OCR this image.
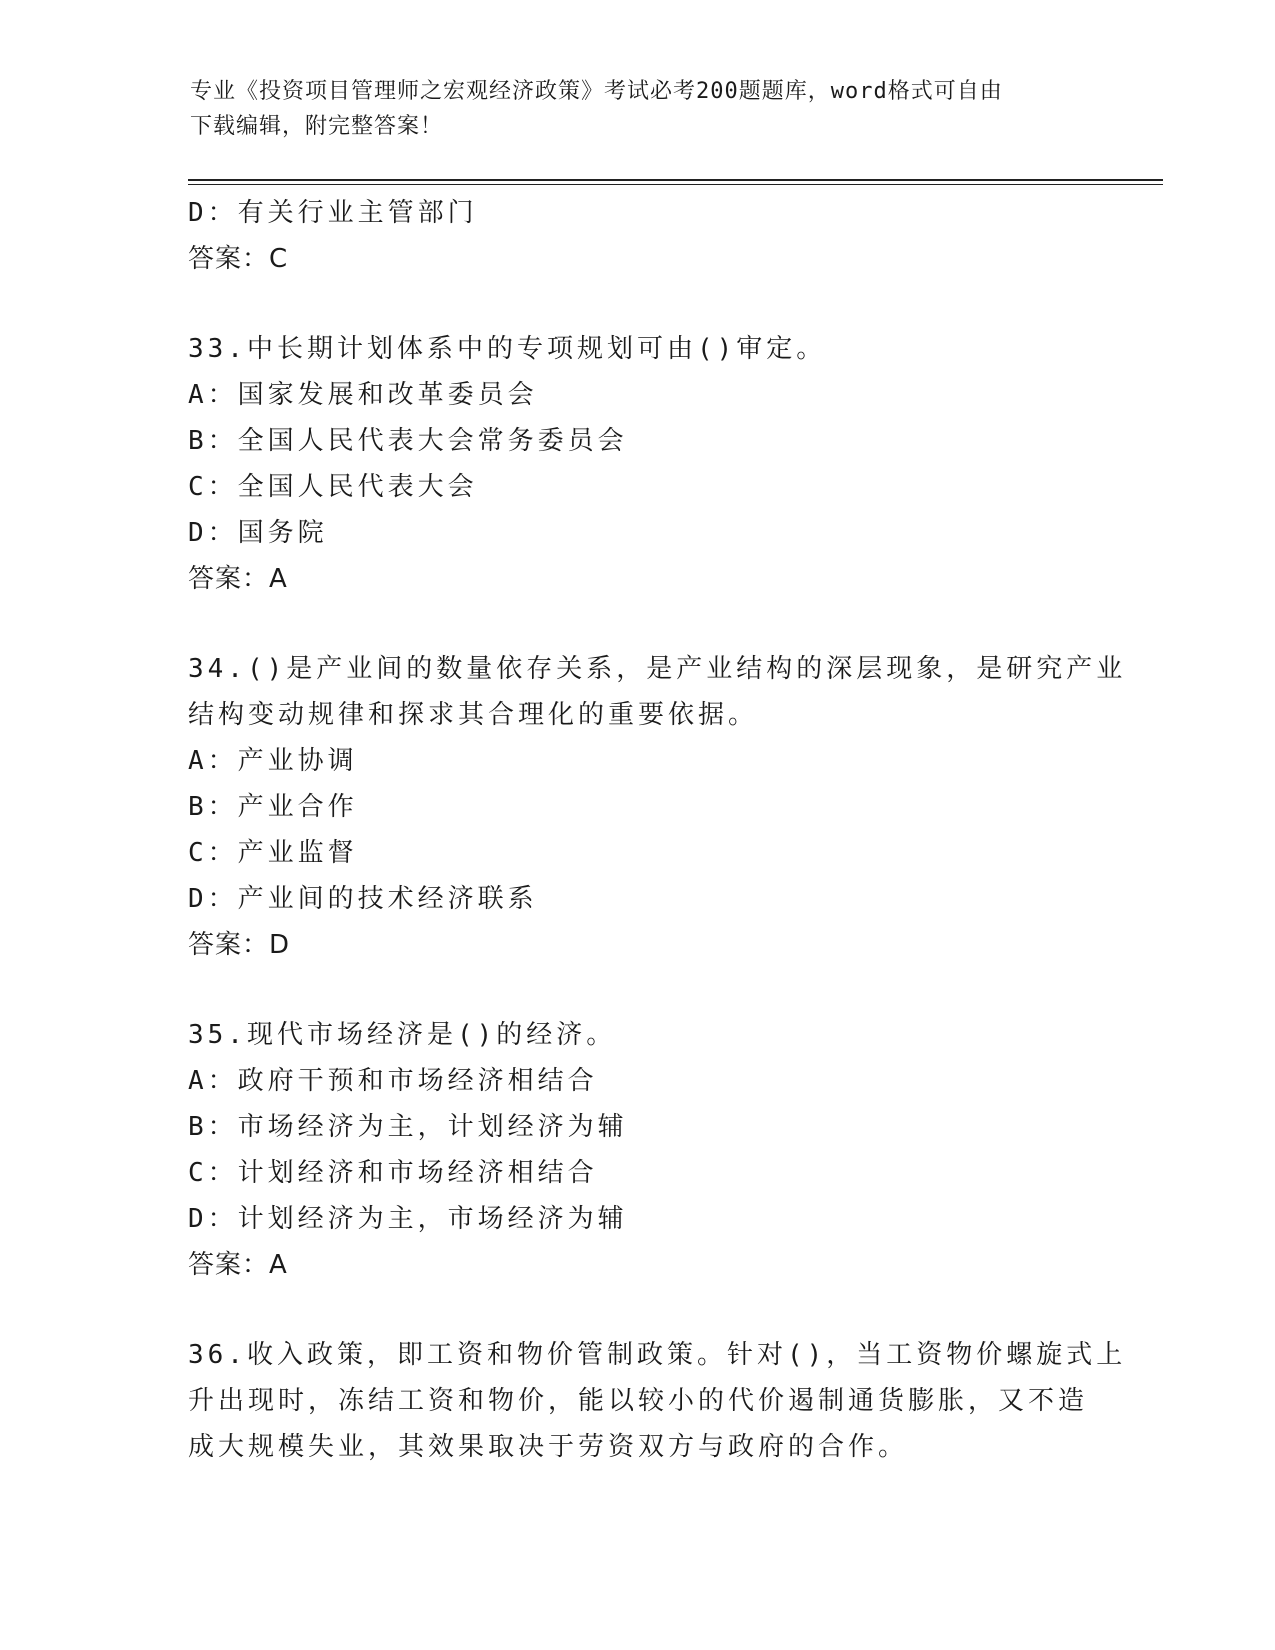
专业《投资项目管理师之宏观经济政策》考试必考200题题库，word格式可自由
下载编辑，附完整答案！
D：有关行业主管部门
答案：C
33.中长期计划体系中的专项规划可由()审定。
A：国家发展和改革委员会
B：全国人民代表大会常务委员会
C：全国人民代表大会
D：国务院
答案：A
34.()是产业间的数量依存关系，是产业结构的深层现象，是研究产业
结构变动规律和探求其合理化的重要依据。
A：产业协调
B：产业合作
C：产业监督
D：产业间的技术经济联系
答案：D
35.现代市场经济是()的经济。
A：政府干预和市场经济相结合
B：市场经济为主，计划经济为辅
C：计划经济和市场经济相结合
D：计划经济为主，市场经济为辅
答案：A
36.收入政策，即工资和物价管制政策。针对()，当工资物价螺旋式上
升出现时，冻结工资和物价，能以较小的代价遏制通货膨胀，又不造
成大规模失业，其效果取决于劳资双方与政府的合作。
